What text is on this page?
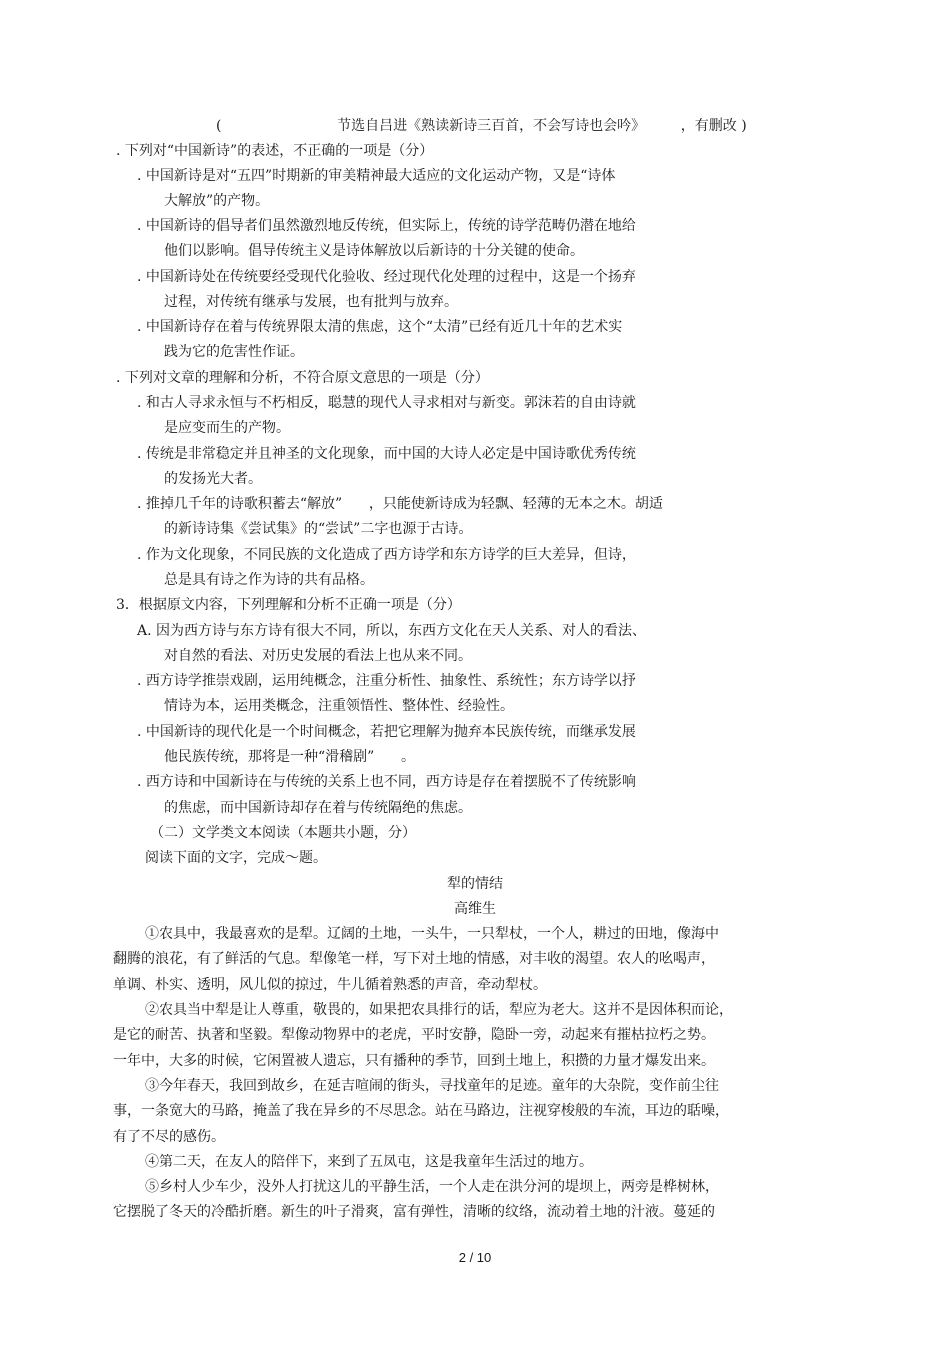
(                          节选自吕进《熟读新诗三百首，不会写诗也会吟》        ，有删改 )
. 下列对“中国新诗”的表述，不正确的一项是（分）
. 中国新诗是对“五四”时期新的审美精神最大适应的文化运动产物，又是“诗体
大解放”的产物。
. 中国新诗的倡导者们虽然激烈地反传统，但实际上，传统的诗学范畴仍潜在地给
他们以影响。倡导传统主义是诗体解放以后新诗的十分关键的使命。
. 中国新诗处在传统要经受现代化验收、经过现代化处理的过程中，这是一个扬弃
过程，对传统有继承与发展，也有批判与放弃。
. 中国新诗存在着与传统界限太清的焦虑，这个“太清”已经有近几十年的艺术实
践为它的危害性作证。
. 下列对文章的理解和分析，不符合原文意思的一项是（分）
. 和古人寻求永恒与不朽相反，聪慧的现代人寻求相对与新变。郭沫若的自由诗就
是应变而生的产物。
. 传统是非常稳定并且神圣的文化现象，而中国的大诗人必定是中国诗歌优秀传统
的发扬光大者。
. 推掉几千年的诗歌积蓄去“解放”      ，只能使新诗成为轻飘、轻薄的无本之木。胡适
的新诗诗集《尝试集》的“尝试”二字也源于古诗。
. 作为文化现象，不同民族的文化造成了西方诗学和东方诗学的巨大差异，但诗，
总是具有诗之作为诗的共有品格。
3．根据原文内容，下列理解和分析不正确一项是（分）
A. 因为西方诗与东方诗有很大不同，所以，东西方文化在天人关系、对人的看法、
对自然的看法、对历史发展的看法上也从来不同。
. 西方诗学推崇戏剧，运用纯概念，注重分析性、抽象性、系统性；东方诗学以抒
情诗为本，运用类概念，注重领悟性、整体性、经验性。
. 中国新诗的现代化是一个时间概念，若把它理解为抛弃本民族传统，而继承发展
他民族传统，那将是一种“滑稽剧”      。
. 西方诗和中国新诗在与传统的关系上也不同，西方诗是存在着摆脱不了传统影响
的焦虑，而中国新诗却存在着与传统隔绝的焦虑。
（二）文学类文本阅读（本题共小题，分）
阅读下面的文字，完成～题。
犁的情结
高维生
①农具中，我最喜欢的是犁。辽阔的土地，一头牛，一只犁杖，一个人，耕过的田地，像海中
翻腾的浪花，有了鲜活的气息。犁像笔一样，写下对土地的情感，对丰收的渴望。农人的吆喝声，
单调、朴实、透明，风儿似的掠过，牛儿循着熟悉的声音，牵动犁杖。
②农具当中犁是让人尊重，敬畏的，如果把农具排行的话，犁应为老大。这并不是因体积而论，
是它的耐苦、执著和坚毅。犁像动物界中的老虎，平时安静，隐卧一旁，动起来有摧枯拉朽之势。
一年中，大多的时候，它闲置被人遗忘，只有播种的季节，回到土地上，积攒的力量才爆发出来。
③今年春天，我回到故乡，在延吉喧闹的街头，寻找童年的足迹。童年的大杂院，变作前尘往
事，一条宽大的马路，掩盖了我在异乡的不尽思念。站在马路边，注视穿梭般的车流，耳边的聒噪，
有了不尽的感伤。
④第二天，在友人的陪伴下，来到了五凤屯，这是我童年生活过的地方。
⑤乡村人少车少，没外人打扰这儿的平静生活，一个人走在洪分河的堤坝上，两旁是桦树林，
它摆脱了冬天的冷酷折磨。新生的叶子滑爽，富有弹性，清晰的纹络，流动着土地的汁液。蔓延的
2 / 10
